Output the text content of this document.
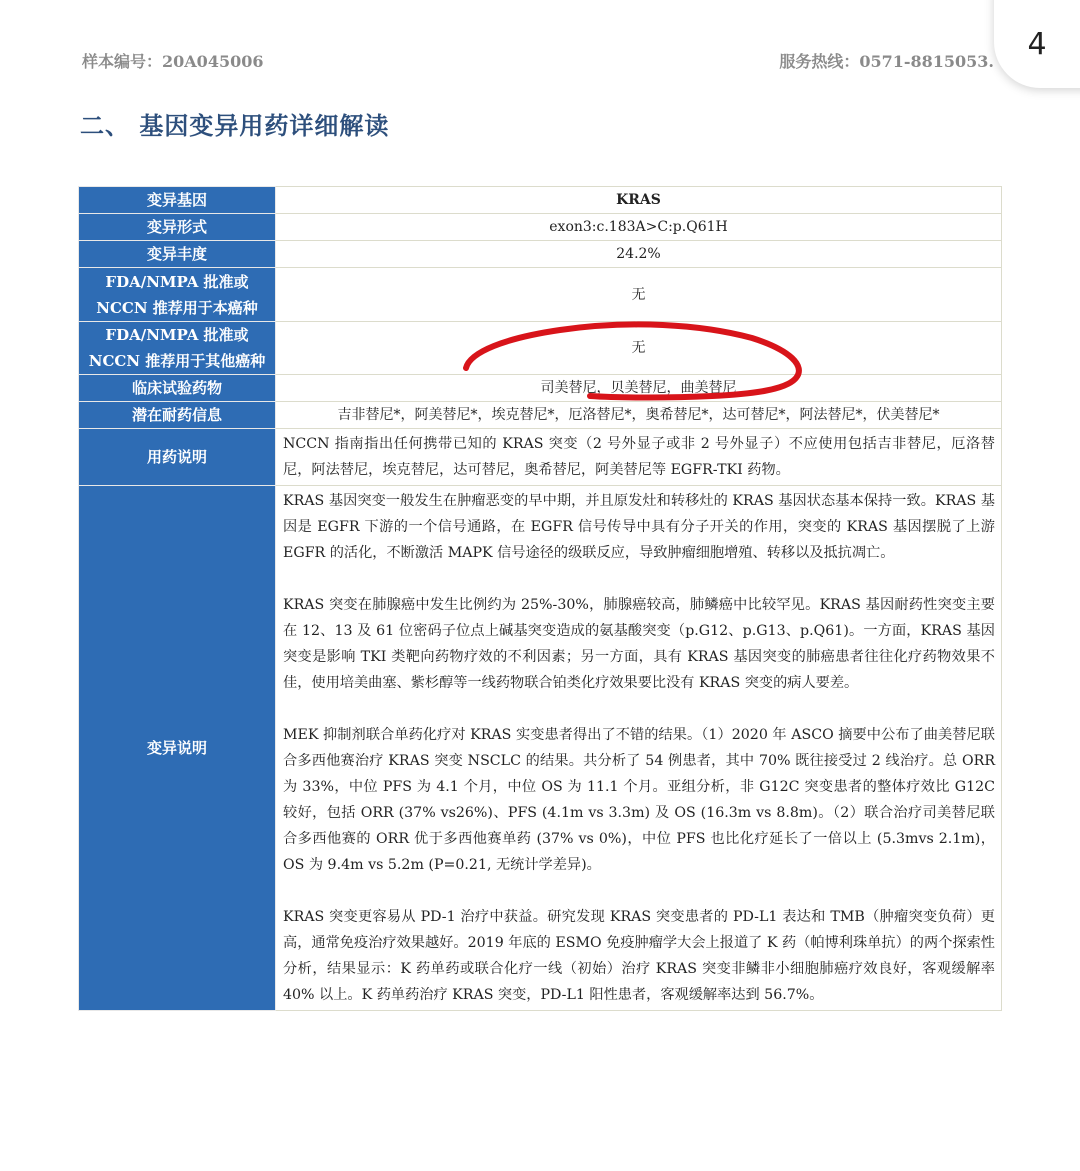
样本编号：20A045006	服务热线：0571-8815053.	4
二、 基因变异用药详细解读
变异基因	KRAS
变异形式	exon3:c.183A>C:p.Q61H
变异丰度	24.2%
FDA/NMPA 批准或 NCCN 推荐用于本癌种	无
FDA/NMPA 批准或 NCCN 推荐用于其他癌种	无
临床试验药物	司美替尼，贝美替尼，曲美替尼
潜在耐药信息	吉非替尼*，阿美替尼*，埃克替尼*，厄洛替尼*，奥希替尼*，达可替尼*，阿法替尼*，伏美替尼*
用药说明	NCCN 指南指出任何携带已知的 KRAS 突变（2 号外显子或非 2 号外显子）不应使用包括吉非替尼，厄洛替尼，阿法替尼，埃克替尼，达可替尼，奥希替尼，阿美替尼等 EGFR-TKI 药物。
变异说明	KRAS 基因突变一般发生在肿瘤恶变的早中期，并且原发灶和转移灶的 KRAS 基因状态基本保持一致。KRAS 基因是 EGFR 下游的一个信号通路，在 EGFR 信号传导中具有分子开关的作用，突变的 KRAS 基因摆脱了上游 EGFR 的活化，不断激活 MAPK 信号途径的级联反应，导致肿瘤细胞增殖、转移以及抵抗凋亡。

KRAS 突变在肺腺癌中发生比例约为 25%-30%，肺腺癌较高，肺鳞癌中比较罕见。KRAS 基因耐药性突变主要在 12、13 及 61 位密码子位点上碱基突变造成的氨基酸突变（p.G12、p.G13、p.Q61)。一方面，KRAS 基因突变是影响 TKI 类靶向药物疗效的不利因素；另一方面，具有 KRAS 基因突变的肺癌患者往往化疗药物效果不佳，使用培美曲塞、紫杉醇等一线药物联合铂类化疗效果要比没有 KRAS 突变的病人要差。

MEK 抑制剂联合单药化疗对 KRAS 实变患者得出了不错的结果。（1）2020 年 ASCO 摘要中公布了曲美替尼联合多西他赛治疗 KRAS 突变 NSCLC 的结果。共分析了 54 例患者，其中 70% 既往接受过 2 线治疗。总 ORR 为 33%，中位 PFS 为 4.1 个月，中位 OS 为 11.1 个月。亚组分析，非 G12C 突变患者的整体疗效比 G12C 较好，包括 ORR (37% vs26%)、PFS (4.1m vs 3.3m) 及 OS (16.3m vs 8.8m)。（2）联合治疗司美替尼联合多西他赛的 ORR 优于多西他赛单药 (37% vs 0%)，中位 PFS 也比化疗延长了一倍以上 (5.3mvs 2.1m)，OS 为 9.4m vs 5.2m (P=0.21, 无统计学差异)。

KRAS 突变更容易从 PD-1 治疗中获益。研究发现 KRAS 突变患者的 PD-L1 表达和 TMB（肿瘤突变负荷）更高，通常免疫治疗效果越好。2019 年底的 ESMO 免疫肿瘤学大会上报道了 K 药（帕博利珠单抗）的两个探索性分析，结果显示：K 药单药或联合化疗一线（初始）治疗 KRAS 突变非鳞非小细胞肺癌疗效良好，客观缓解率 40% 以上。K 药单药治疗 KRAS 突变，PD-L1 阳性患者，客观缓解率达到 56.7%。
